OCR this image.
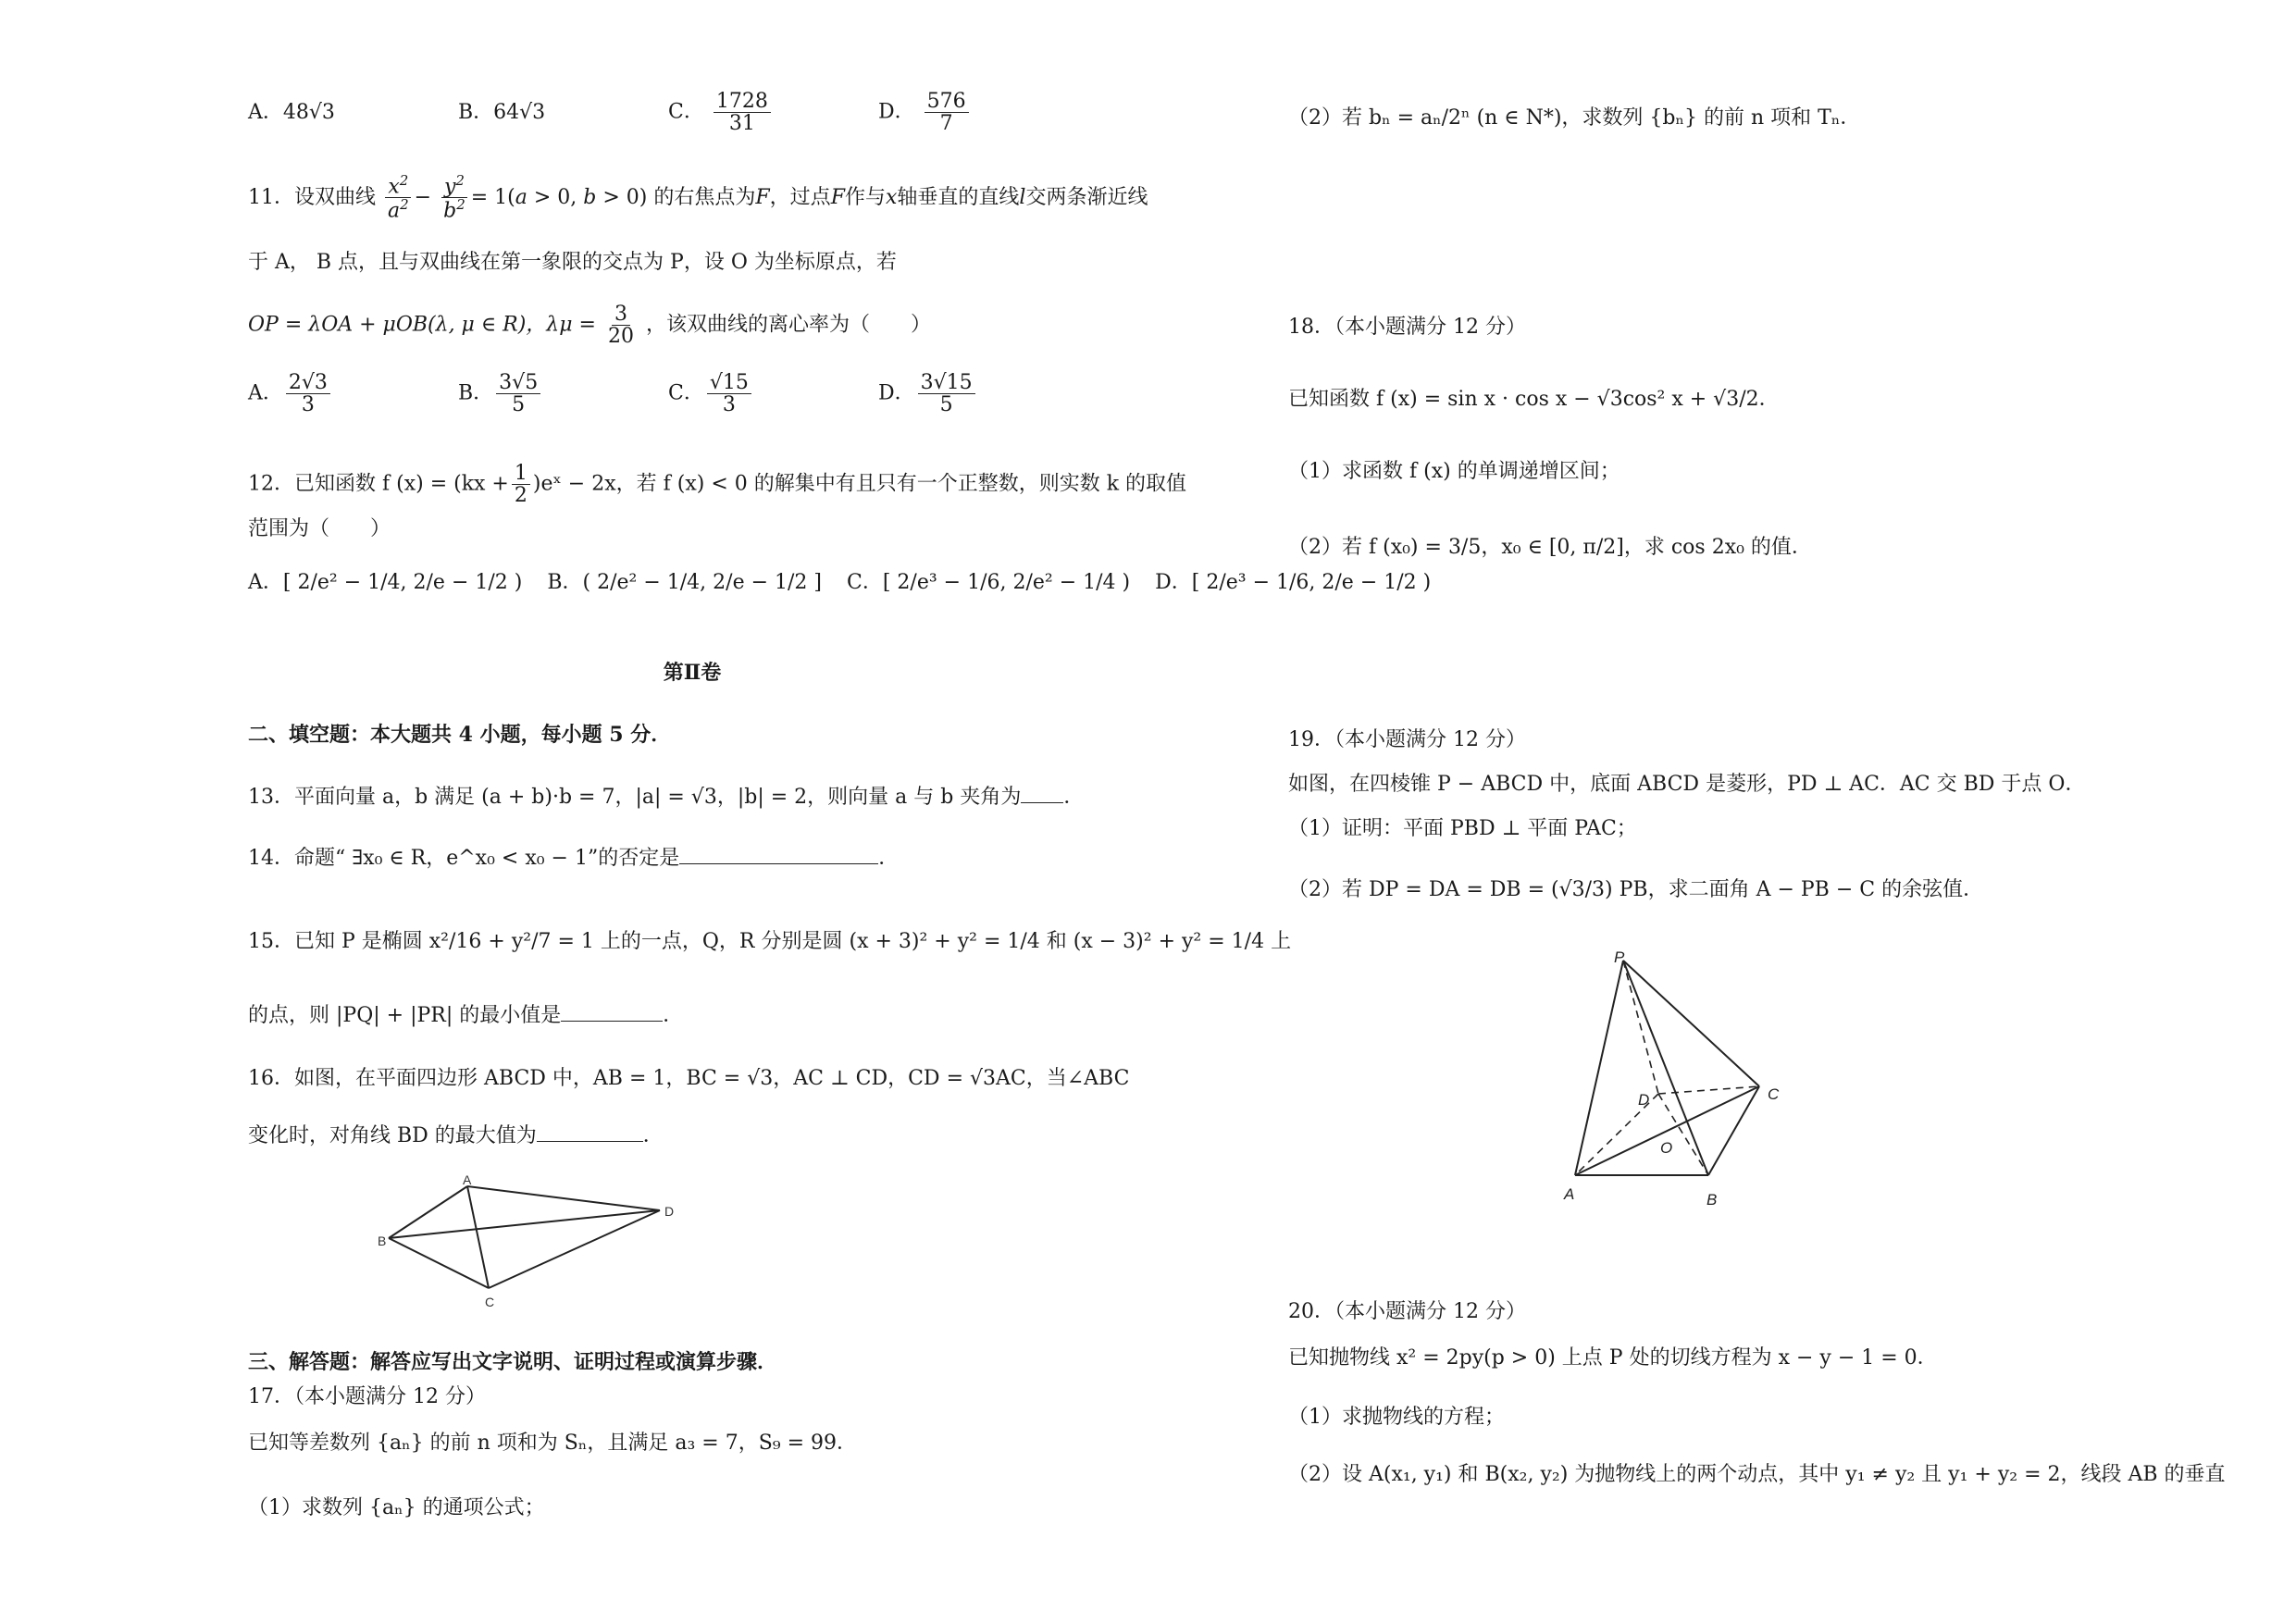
A．48√3	B．64√3	C． $\frac{1728}{31}$	D． $\frac{576}{7}$
11．设双曲线 $\frac{x^2}{a^2} - \frac{y^2}{b^2} = 1(a > 0$, b > 0) 的右焦点为F，过点F作与x轴垂直的直线l交两条渐近线
于 A， B 点，且与双曲线在第一象限的交点为 P，设 O 为坐标原点，若
OP = λOA + μOB(λ, μ ∈ R)，$\lambda\mu = \frac{3}{20}$ ，该双曲线的离心率为（　　）
A． $\frac{2√3}{3}$	B． $\frac{3√5}{5}$	C． $\frac{√15}{3}$	D． $\frac{3√15}{5}$
12．已知函数 f $(x) = (kx + \frac{1}{2}$ )eˣ − 2x，若 f (x) < 0 的解集中有且只有一个正整数，则实数 k 的取值
范围为（　　）
A．[ 2/e² − 1/4, 2/e − 1/2 ) B．( 2/e² − 1/4, 2/e − 1/2 ] C．[ 2/e³ − 1/6, 2/e² − 1/4 ) D．[ 2/e³ − 1/6, 2/e − 1/2 )
第Ⅱ卷
二、填空题：本大题共 4 小题，每小题 5 分．
13．平面向量 a，b 满足 (a + b)·b = 7，|a| = √3，|b| = 2，则向量 a 与 b 夹角为 ．
14．命题“ ∃x₀ ∈ R，e^x₀ < x₀ − 1”的否定是	．
15．已知 P 是椭圆 x²/16 + y²/7 = 1 上的一点，Q，R 分别是圆 (x + 3)² + y² = 1/4 和 (x − 3)² + y² = 1/4 上
的点，则 |PQ| + |PR| 的最小值是	．
16．如图，在平面四边形 ABCD 中，AB = 1，BC = √3，AC ⊥ CD，CD = √3AC，当∠ABC
变化时，对角线 BD 的最大值为	．
A
B
C
D
三、解答题：解答应写出文字说明、证明过程或演算步骤．
17．（本小题满分 12 分）
已知等差数列 {aₙ} 的前 n 项和为 Sₙ，且满足 a₃ = 7，S₉ = 99．
（1）求数列 {aₙ} 的通项公式；
（2）若 bₙ = aₙ/2ⁿ (n ∈ N*)，求数列 {bₙ} 的前 n 项和 Tₙ．
18．（本小题满分 12 分）
已知函数 f (x) = sin x · cos x − √3cos² x + √3/2．
（1）求函数 f (x) 的单调递增区间；
（2）若 f (x₀) = 3/5，x₀ ∈ [0, π/2]，求 cos 2x₀ 的值．
19．（本小题满分 12 分）
如图，在四棱锥 P − ABCD 中，底面 ABCD 是菱形，PD ⊥ AC．AC 交 BD 于点 O．
（1）证明：平面 PBD ⊥ 平面 PAC；
（2）若 DP = DA = DB = (√3/3) PB，求二面角 A − PB − C 的余弦值．
P
A	B
C
D
O
20．（本小题满分 12 分）
已知抛物线 x² = 2py(p > 0) 上点 P 处的切线方程为 x − y − 1 = 0．
（1）求抛物线的方程；
（2）设 A(x₁, y₁) 和 B(x₂, y₂) 为抛物线上的两个动点，其中 y₁ ≠ y₂ 且 y₁ + y₂ = 2，线段 AB 的垂直
